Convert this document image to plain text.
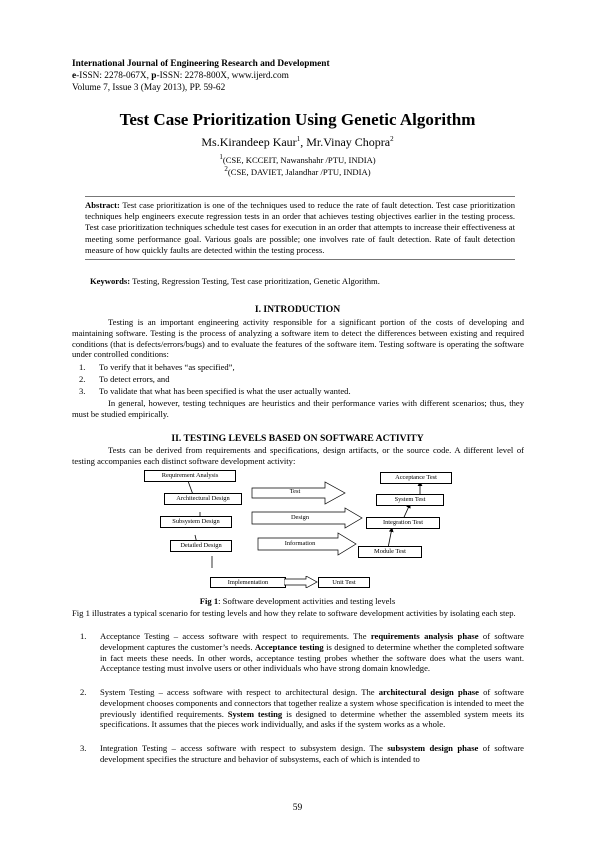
International Journal of Engineering Research and Development
e-ISSN: 2278-067X, p-ISSN: 2278-800X, www.ijerd.com
Volume 7, Issue 3 (May 2013), PP. 59-62
Test Case Prioritization Using Genetic Algorithm
Ms.Kirandeep Kaur$^1$, Mr.Vinay Chopra$^2$
$^1$(CSE, KCCEIT, Nawanshahr /PTU, INDIA)
$^2$(CSE, DAVIET, Jalandhar /PTU, INDIA)

Abstract: Test case prioritization is one of the techniques used to reduce the rate of fault detection. Test case prioritization techniques help engineers execute regression tests in an order that achieves testing objectives earlier in the testing process. Test case prioritization techniques schedule test cases for execution in an order that attempts to increase their effectiveness at meeting some performance goal. Various goals are possible; one involves rate of fault detection. Rate of fault detection measure of how quickly faults are detected within the testing process.

Keywords: Testing, Regression Testing, Test case prioritization, Genetic Algorithm.
I. INTRODUCTION
Testing is an important engineering activity responsible for a significant portion of the costs of developing and maintaining software. Testing is the process of analyzing a software item to detect the differences between existing and required conditions (that is defects/errors/bugs) and to evaluate the features of the software item. Testing software is operating the software under controlled conditions:
1. To verify that it behaves “as specified”,
2. To detect errors, and
3. To validate that what has been specified is what the user actually wanted.
In general, however, testing techniques are heuristics and their performance varies with different scenarios; thus, they must be studied empirically.
II. TESTING LEVELS BASED ON SOFTWARE ACTIVITY
Tests can be derived from requirements and specifications, design artifacts, or the source code. A different level of testing accompanies each distinct software development activity:
Requirement Analysis
Architectural Design
Subsystem Design
Detailed Design
Acceptance Test
System Test
Integration Test
Module Test
Test
Design
Information
Implementation	Unit Test
Fig 1: Software development activities and testing levels
Fig 1 illustrates a typical scenario for testing levels and how they relate to software development activities by isolating each step.
1. Acceptance Testing – access software with respect to requirements. The requirements analysis phase of software development captures the customer’s needs. Acceptance testing is designed to determine whether the completed software in fact meets these needs. In other words, acceptance testing probes whether the software does what the users want. Acceptance testing must involve users or other individuals who have strong domain knowledge.
2. System Testing – access software with respect to architectural design. The architectural design phase of software development chooses components and connectors that together realize a system whose specification is intended to meet the previously identified requirements. System testing is designed to determine whether the assembled system meets its specifications. It assumes that the pieces work individually, and asks if the system works as a whole.
3. Integration Testing – access software with respect to subsystem design. The subsystem design phase of software development specifies the structure and behavior of subsystems, each of which is intended to
59
